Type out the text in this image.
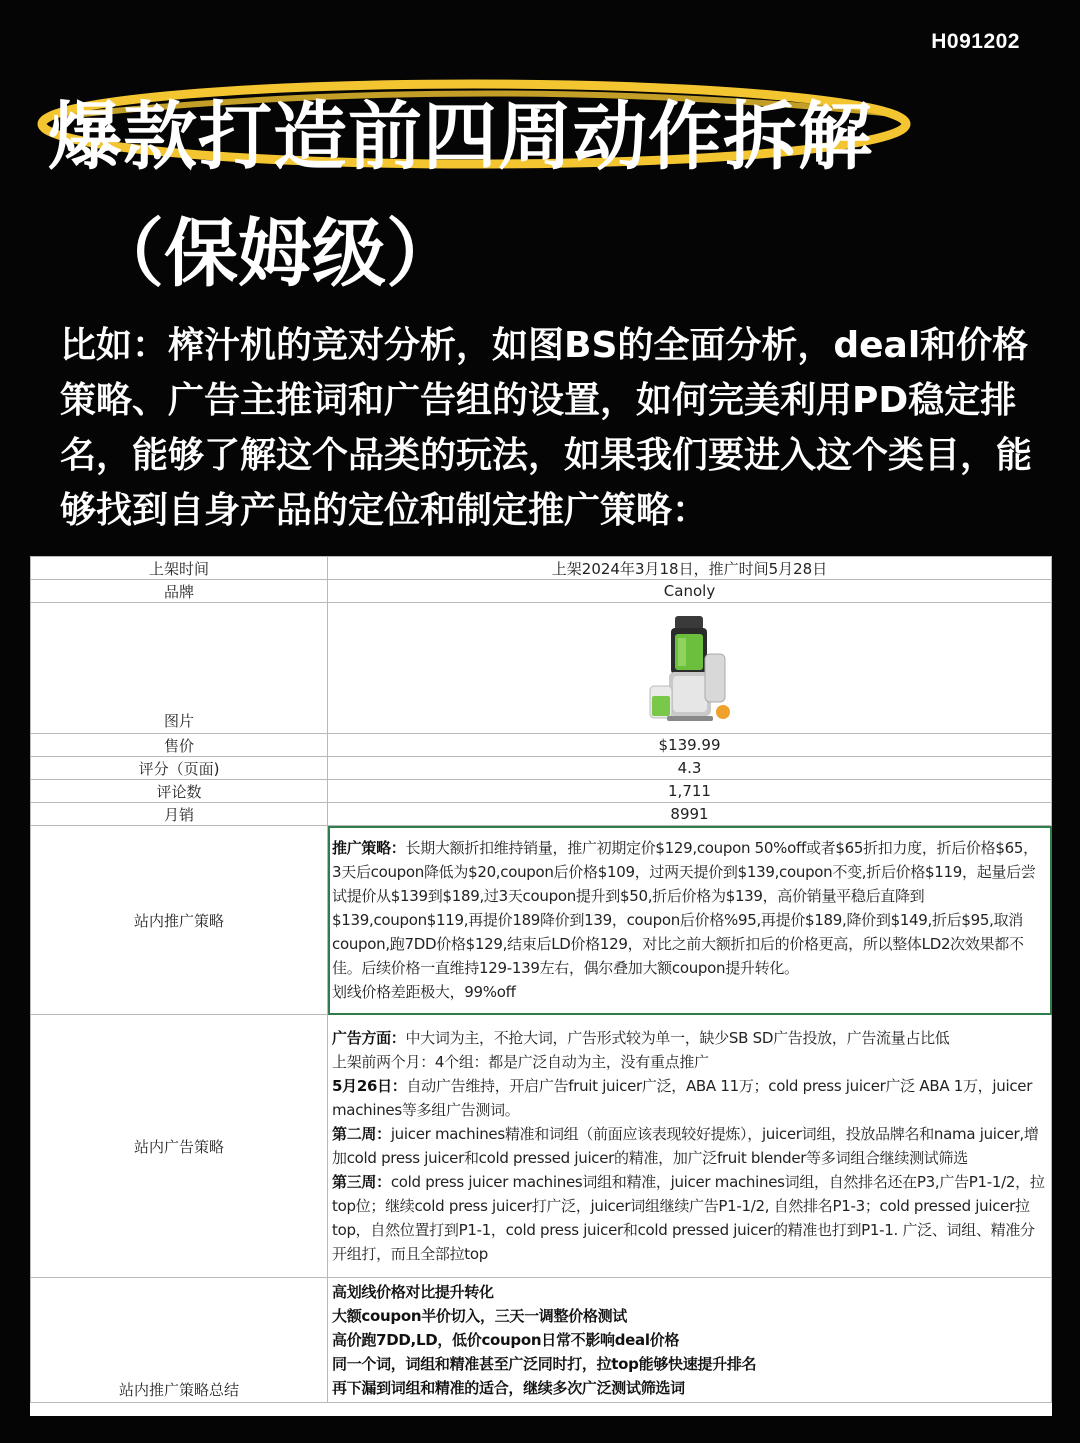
H091202
爆款打造前四周动作拆解
（保姆级）

比如：榨汁机的竞对分析，如图BS的全面分析，deal和价格策略、广告主推词和广告组的设置，如何完美利用PD稳定排名，能够了解这个品类的玩法，如果我们要进入这个类目，能够找到自身产品的定位和制定推广策略：

上架时间	上架2024年3月18日，推广时间5月28日
品牌	Canoly
图片	

售价	$139.99
评分（页面)	4.3
评论数	1,711
月销	8991
站内推广策略	推广策略：长期大额折扣维持销量，推广初期定价$129,coupon 50%off或者$65折扣力度，折后价格$65，3天后coupon降低为$20,coupon后价格$109，过两天提价到$139,coupon不变,折后价格$119，起量后尝试提价从$139到$189,过3天coupon提升到$50,折后价格为$139，高价销量平稳后直降到$139,coupon$119,再提价189降价到139，coupon后价格%95,再提价$189,降价到$149,折后$95,取消coupon,跑7DD价格$129,结束后LD价格129，对比之前大额折扣后的价格更高，所以整体LD2次效果都不佳。后续价格一直维持129-139左右，偶尔叠加大额coupon提升转化。

划线价格差距极大，99%off

站内广告策略	广告方面：中大词为主，不抢大词，广告形式较为单一，缺少SB SD广告投放，广告流量占比低

上架前两个月：4个组：都是广泛自动为主，没有重点推广

5月26日：自动广告维持，开启广告fruit juicer广泛，ABA 11万；cold press juicer广泛 ABA 1万，juicer machines等多组广告测词。

第二周：juicer machines精准和词组（前面应该表现较好提炼），juicer词组，投放品牌名和nama juicer,增加cold press juicer和cold pressed juicer的精准，加广泛fruit blender等多词组合继续测试筛选

第三周：cold press juicer machines词组和精准，juicer machines词组，自然排名还在P3,广告P1-1/2，拉top位；继续cold press juicer打广泛，juicer词组继续广告P1-1/2, 自然排名P1-3；cold pressed juicer拉top，自然位置打到P1-1，cold press juicer和cold pressed juicer的精准也打到P1-1. 广泛、词组、精准分开组打，而且全部拉top

站内推广策略总结	高划线价格对比提升转化
大额coupon半价切入，三天一调整价格测试
高价跑7DD,LD，低价coupon日常不影响deal价格
同一个词，词组和精准甚至广泛同时打，拉top能够快速提升排名
再下漏到词组和精准的适合，继续多次广泛测试筛选词
